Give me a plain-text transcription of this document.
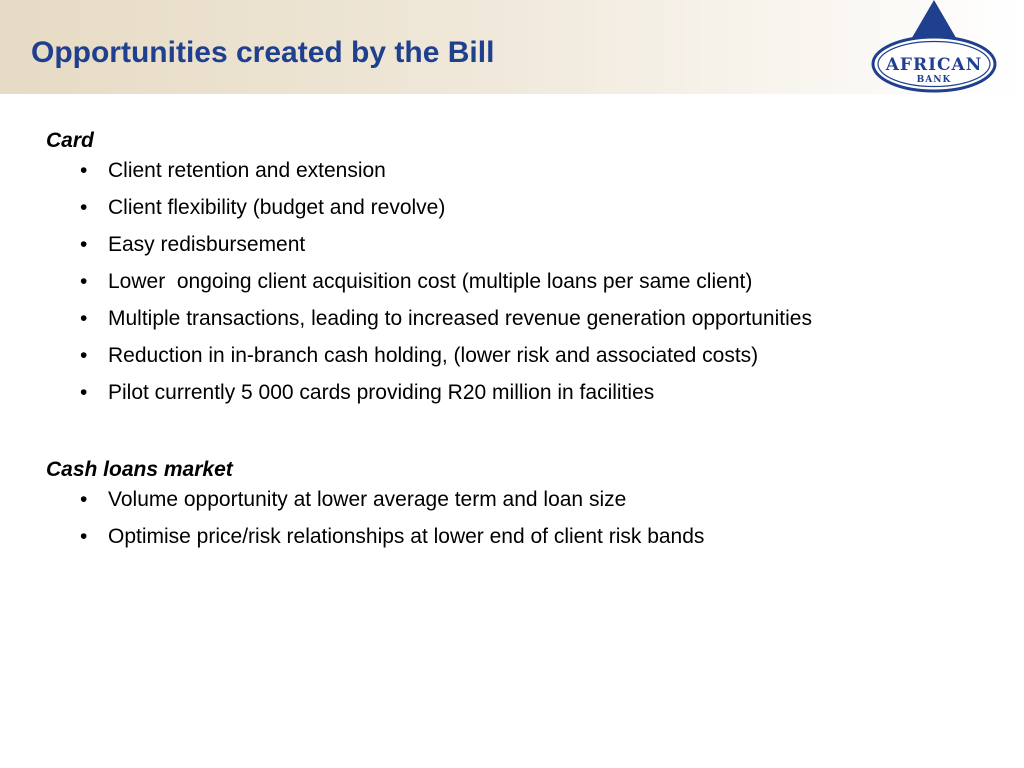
Opportunities created by the Bill	AFRICAN
BANK
Card
• Client retention and extension
• Client flexibility (budget and revolve)
• Easy redisbursement
• Lower  ongoing client acquisition cost (multiple loans per same client)
• Multiple transactions, leading to increased revenue generation opportunities
• Reduction in in-branch cash holding, (lower risk and associated costs)
• Pilot currently 5 000 cards providing R20 million in facilities
Cash loans market
• Volume opportunity at lower average term and loan size
• Optimise price/risk relationships at lower end of client risk bands
